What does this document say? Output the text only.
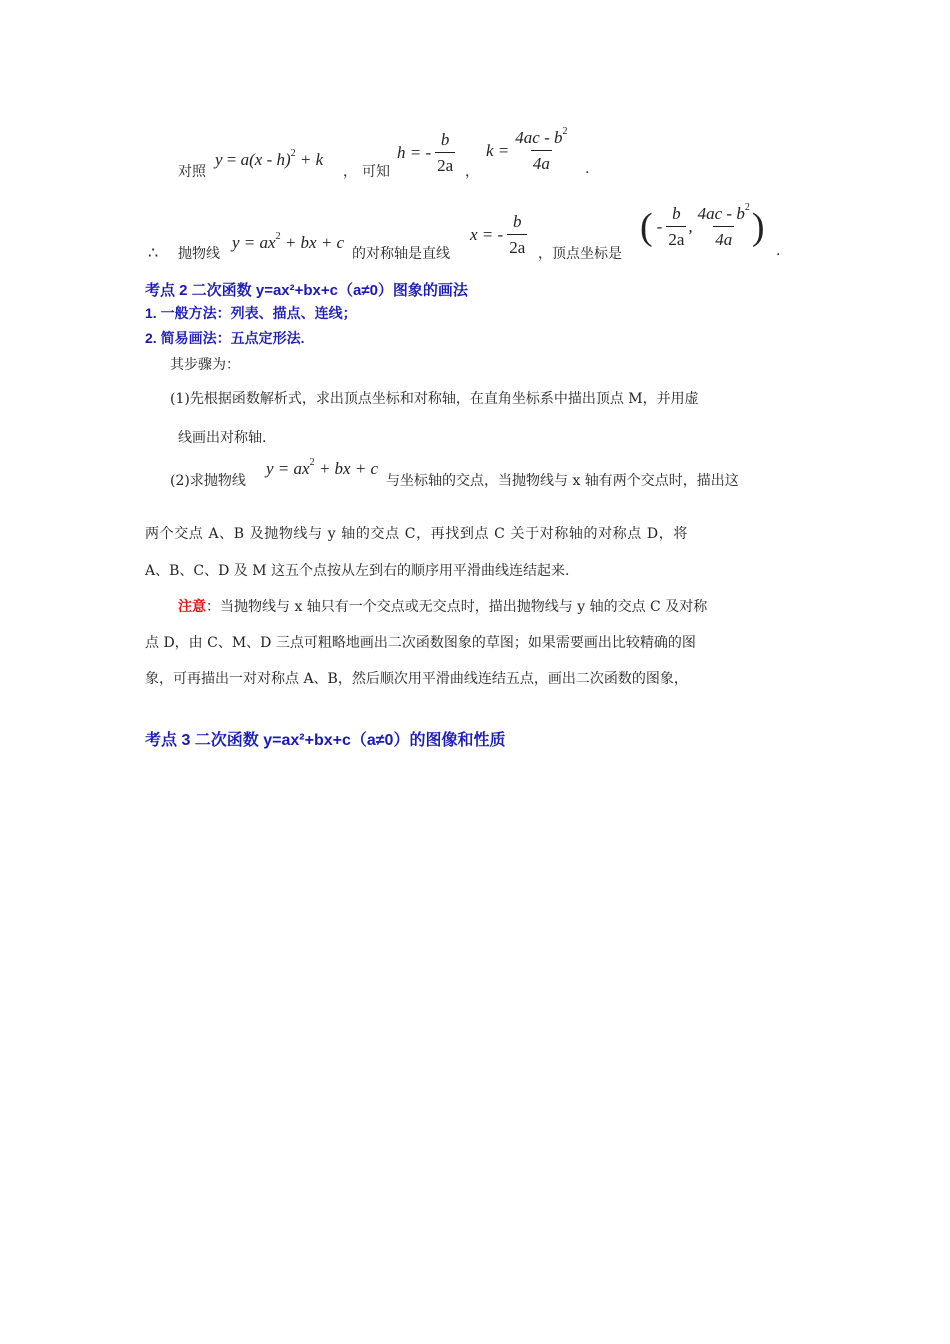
对照
y = a(x - h)$^2$ + k
， 可知
h = - $\frac{b}{2a}$ ，
$k = \frac{4ac - b^2}{4a}$ .
∴ 抛物线
$y = ax^2$ + bx + c
的对称轴是直线
x = - $\frac{b}{2a}$ ，顶点坐标是
( - $\frac{b}{2a}$ , $\frac{4ac - b^2}{4a}$ )
.
考点 2 二次函数 y=ax²+bx+c（a≠0）图象的画法
1. 一般方法：列表、描点、连线；
2. 简易画法：五点定形法.
其步骤为：
(1)先根据函数解析式，求出顶点坐标和对称轴，在直角坐标系中描出顶点 M，并用虚
线画出对称轴.
(2)求抛物线
$y = ax^2$ + bx + c
与坐标轴的交点，当抛物线与 x 轴有两个交点时，描出这
两个交点 A、B 及抛物线与 y 轴的交点 C，再找到点 C 关于对称轴的对称点 D，将
A、B、C、D 及 M 这五个点按从左到右的顺序用平滑曲线连结起来.
注意：当抛物线与 x 轴只有一个交点或无交点时，描出抛物线与 y 轴的交点 C 及对称
点 D，由 C、M、D 三点可粗略地画出二次函数图象的草图；如果需要画出比较精确的图
象，可再描出一对对称点 A、B，然后顺次用平滑曲线连结五点，画出二次函数的图象，
考点 3 二次函数 y=ax²+bx+c（a≠0）的图像和性质
